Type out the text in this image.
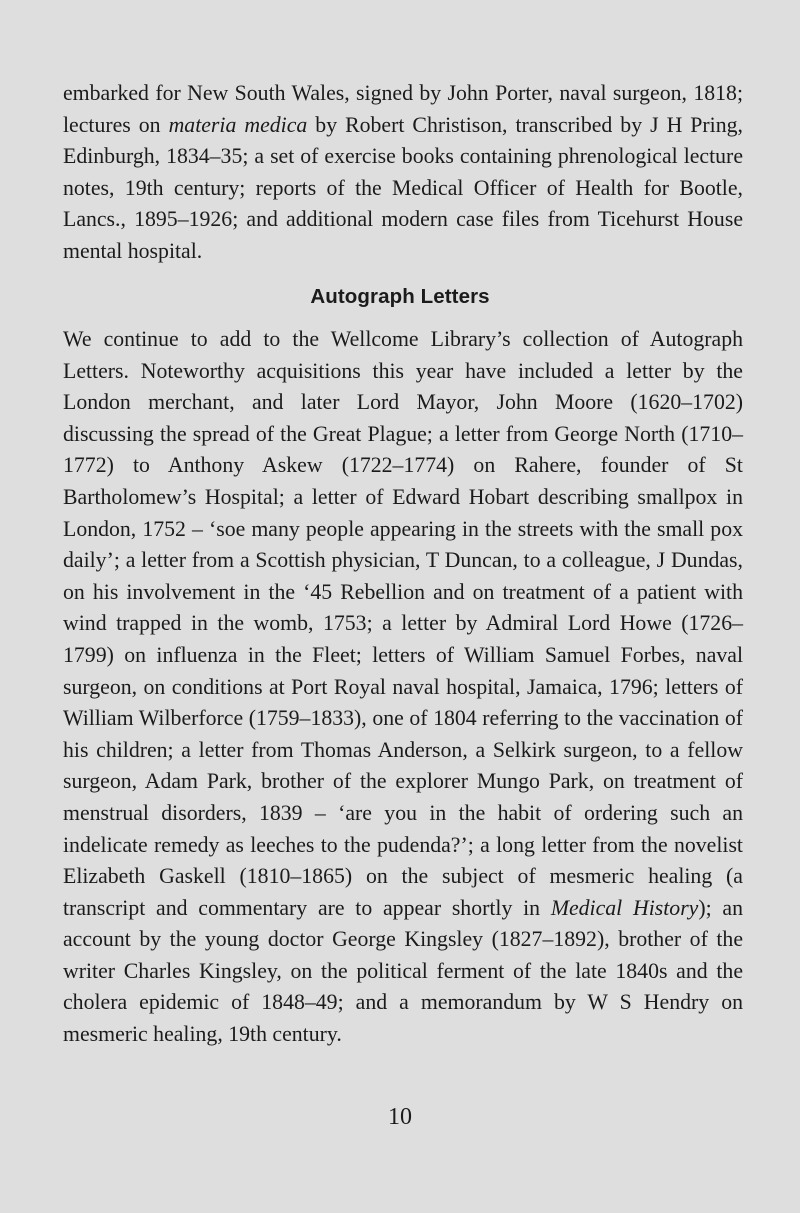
embarked for New South Wales, signed by John Porter, naval surgeon, 1818; lectures on materia medica by Robert Christison, transcribed by J H Pring, Edinburgh, 1834–35; a set of exercise books containing phrenological lecture notes, 19th century; reports of the Medical Officer of Health for Bootle, Lancs., 1895–1926; and additional modern case files from Ticehurst House mental hospital.

Autograph Letters

We continue to add to the Wellcome Library’s collection of Autograph Letters. Noteworthy acquisitions this year have included a letter by the London merchant, and later Lord Mayor, John Moore (1620–1702) discussing the spread of the Great Plague; a letter from George North (1710–1772) to Anthony Askew (1722–1774) on Rahere, founder of St Bartholomew’s Hospital; a letter of Edward Hobart describing smallpox in London, 1752 – ‘soe many people appearing in the streets with the small pox daily’; a letter from a Scottish physician, T Duncan, to a colleague, J Dundas, on his involvement in the ‘45 Rebellion and on treatment of a patient with wind trapped in the womb, 1753; a letter by Admiral Lord Howe (1726–1799) on influenza in the Fleet; letters of William Samuel Forbes, naval surgeon, on conditions at Port Royal naval hospital, Jamaica, 1796; letters of William Wilberforce (1759–1833), one of 1804 referring to the vaccination of his children; a letter from Thomas Anderson, a Selkirk surgeon, to a fellow surgeon, Adam Park, brother of the explorer Mungo Park, on treatment of menstrual disorders, 1839 – ‘are you in the habit of ordering such an indelicate remedy as leeches to the pudenda?’; a long letter from the novelist Elizabeth Gaskell (1810–1865) on the subject of mesmeric healing (a transcript and commentary are to appear shortly in Medical History); an account by the young doctor George Kingsley (1827–1892), brother of the writer Charles Kingsley, on the political ferment of the late 1840s and the cholera epidemic of 1848–49; and a memorandum by W S Hendry on mesmeric healing, 19th century.

10
